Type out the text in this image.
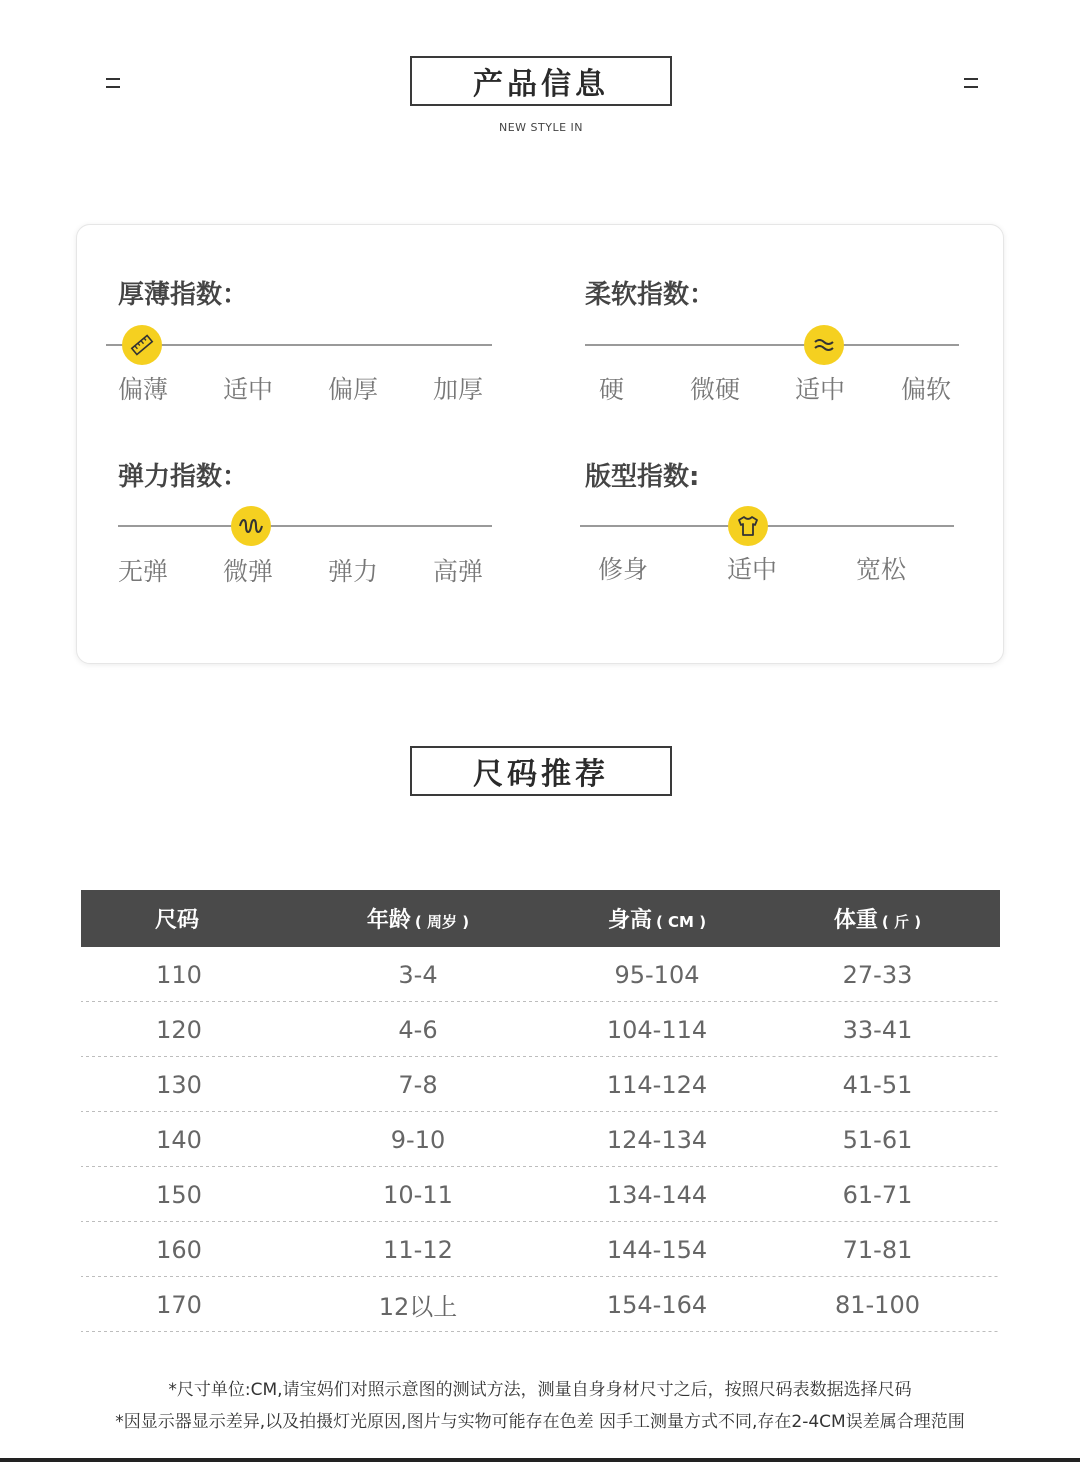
产品信息
NEW STYLE IN
厚薄指数：
偏薄 适中 偏厚 加厚
柔软指数：
硬	微硬 适中 偏软
弹力指数：
无弹 微弹 弹力 高弹
版型指数:
修身	适中	宽松
尺码推荐
尺码	年龄 ( 周岁 )	身高 ( CM )	体重 ( 斤 )
110	3-4	95-104	27-33
120	4-6	104-114	33-41
130	7-8	114-124	41-51
140	9-10	124-134	51-61
150	10-11	134-144	61-71
160	11-12	144-154	71-81
170	12以上	154-164	81-100
*尺寸单位:CM,请宝妈们对照示意图的测试方法，测量自身身材尺寸之后，按照尺码表数据选择尺码
*因显示器显示差异,以及拍摄灯光原因,图片与实物可能存在色差 因手工测量方式不同,存在2-4CM误差属合理范围
